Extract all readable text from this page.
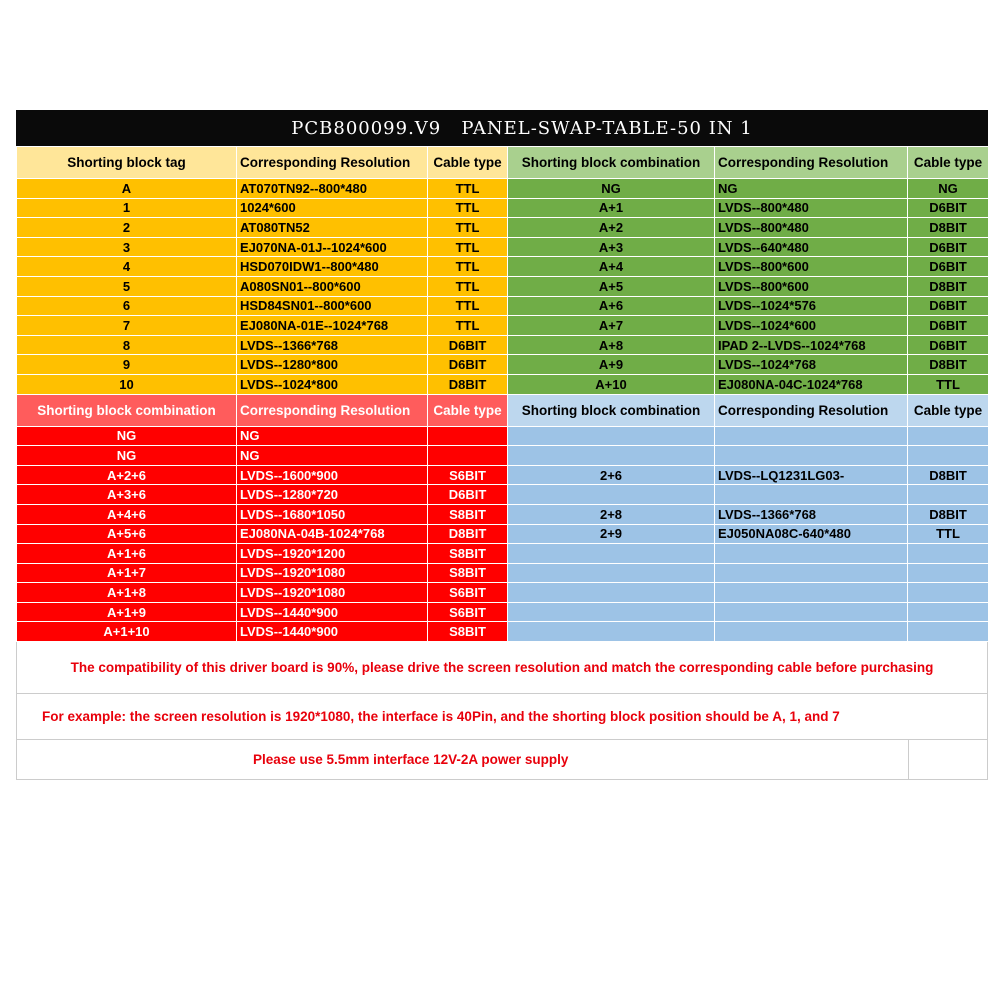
PCB800099.V9   PANEL-SWAP-TABLE-50 IN 1
Shorting block tag	Corresponding Resolution	Cable type	Shorting block combination	Corresponding Resolution	Cable type
A	AT070TN92--800*480	TTL	NG	NG	NG
1	1024*600	TTL	A+1	LVDS--800*480	D6BIT
2	AT080TN52	TTL	A+2	LVDS--800*480	D8BIT
3	EJ070NA-01J--1024*600	TTL	A+3	LVDS--640*480	D6BIT
4	HSD070IDW1--800*480	TTL	A+4	LVDS--800*600	D6BIT
5	A080SN01--800*600	TTL	A+5	LVDS--800*600	D8BIT
6	HSD84SN01--800*600	TTL	A+6	LVDS--1024*576	D6BIT
7	EJ080NA-01E--1024*768	TTL	A+7	LVDS--1024*600	D6BIT
8	LVDS--1366*768	D6BIT	A+8	IPAD 2--LVDS--1024*768	D6BIT
9	LVDS--1280*800	D6BIT	A+9	LVDS--1024*768	D8BIT
10	LVDS--1024*800	D8BIT	A+10	EJ080NA-04C-1024*768	TTL
Shorting block combination	Corresponding Resolution	Cable type	Shorting block combination	Corresponding Resolution	Cable type
NG	NG				
NG	NG				
A+2+6	LVDS--1600*900	S6BIT	2+6	LVDS--LQ1231LG03-	D8BIT
A+3+6	LVDS--1280*720	D6BIT			
A+4+6	LVDS--1680*1050	S8BIT	2+8	LVDS--1366*768	D8BIT
A+5+6	EJ080NA-04B-1024*768	D8BIT	2+9	EJ050NA08C-640*480	TTL
A+1+6	LVDS--1920*1200	S8BIT			
A+1+7	LVDS--1920*1080	S8BIT			
A+1+8	LVDS--1920*1080	S6BIT			
A+1+9	LVDS--1440*900	S6BIT			
A+1+10	LVDS--1440*900	S8BIT			
The compatibility of this driver board is 90%, please drive the screen resolution and match the corresponding cable before purchasing
For example: the screen resolution is 1920*1080, the interface is 40Pin, and the shorting block position should be A, 1, and 7
Please use 5.5mm interface 12V-2A power supply
